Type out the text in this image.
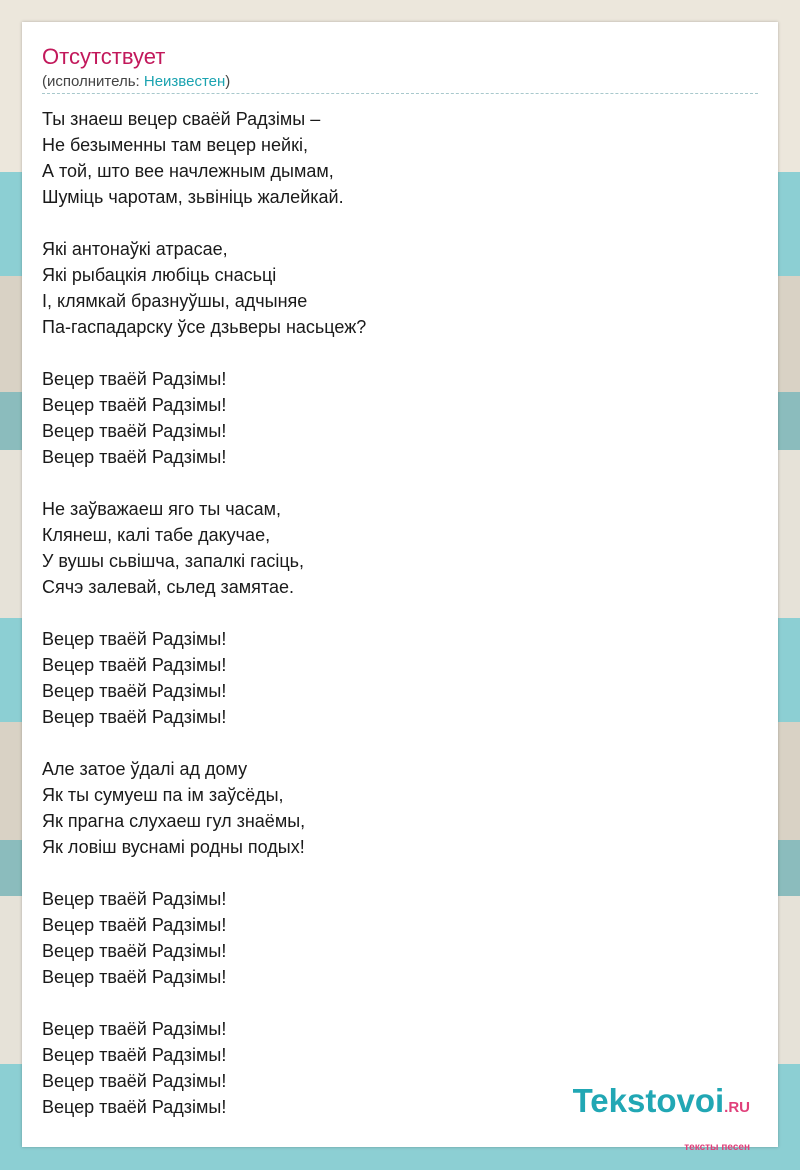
Отсутствует
(исполнитель: Неизвестен)
Ты знаеш вецер сваёй Радзімы –
Не безыменны там вецер нейкі,
А той, што вее начлежным дымам,
Шуміць чаротам, зьвініць жалейкай.
Які антонаўкі атрасае,
Які рыбацкія любіць снасьці
І, клямкай бразнуўшы, адчыняе
Па-гаспадарску ўсе дзьверы насьцеж?
Вецер тваёй Радзімы!
Вецер тваёй Радзімы!
Вецер тваёй Радзімы!
Вецер тваёй Радзімы!
Не заўважаеш яго ты часам,
Клянеш, калі табе дакучае,
У вушы сьвішча, запалкі гасіць,
Сячэ залевай, сьлед замятае.
Вецер тваёй Радзімы!
Вецер тваёй Радзімы!
Вецер тваёй Радзімы!
Вецер тваёй Радзімы!
Але затое ўдалі ад дому
Як ты сумуеш па ім заўсёды,
Як прагна слухаеш гул знаёмы,
Як ловіш вуснамі родны подых!
Вецер тваёй Радзімы!
Вецер тваёй Радзімы!
Вецер тваёй Радзімы!
Вецер тваёй Радзімы!
Вецер тваёй Радзімы!
Вецер тваёй Радзімы!
Вецер тваёй Радзімы!
Вецер тваёй Радзімы!	Tekstovoi.RU
тексты песен
